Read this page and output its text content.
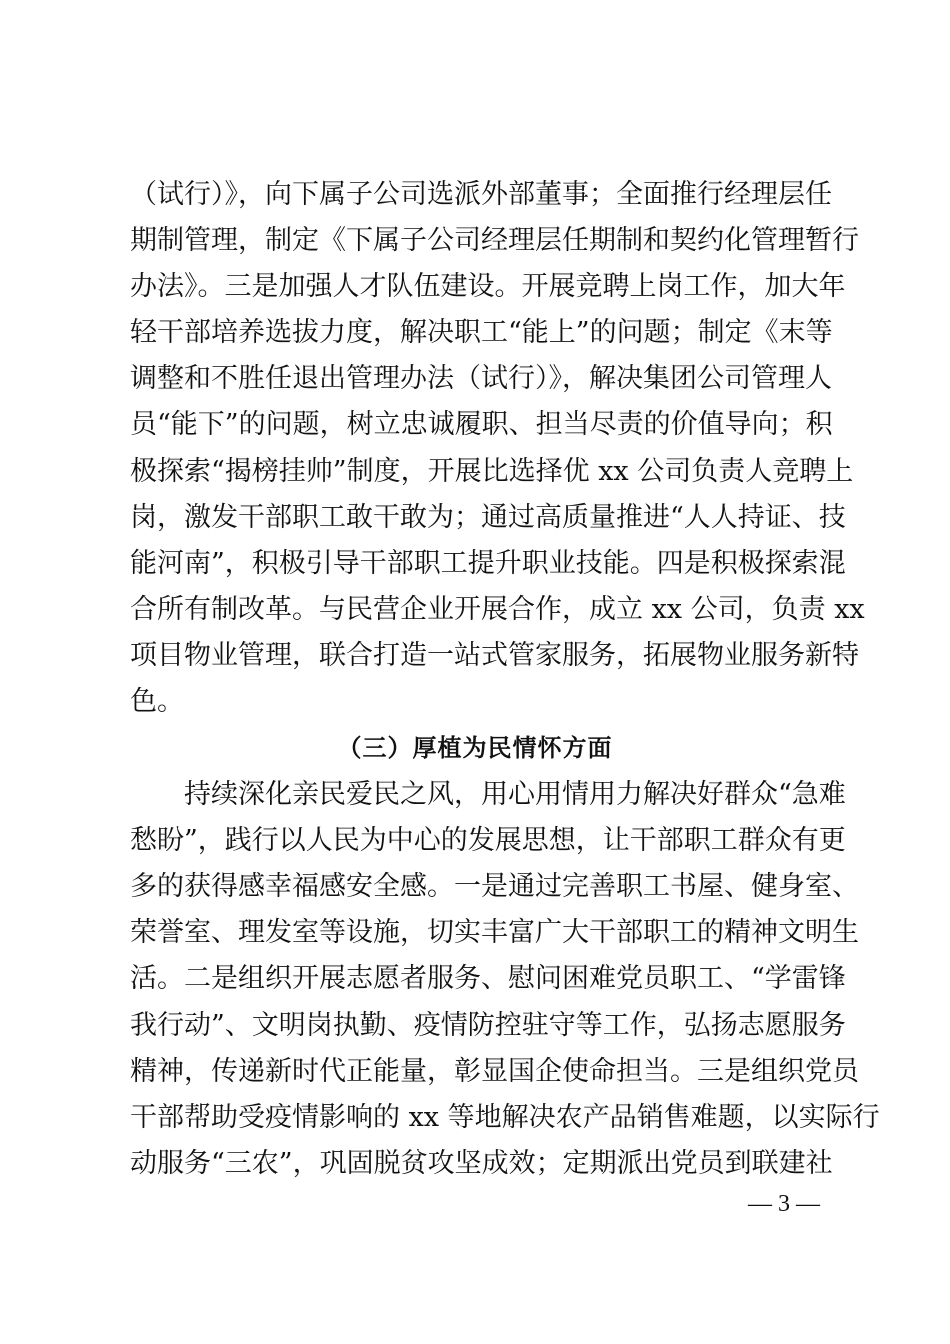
（试行）》，向下属子公司选派外部董事；全面推行经理层任
期制管理，制定《下属子公司经理层任期制和契约化管理暂行
办法》。三是加强人才队伍建设。开展竞聘上岗工作，加大年
轻干部培养选拔力度，解决职工“能上”的问题；制定《末等
调整和不胜任退出管理办法（试行）》，解决集团公司管理人
员“能下”的问题，树立忠诚履职、担当尽责的价值导向；积
极探索“揭榜挂帅”制度，开展比选择优 xx 公司负责人竞聘上
岗，激发干部职工敢干敢为；通过高质量推进“人人持证、技
能河南”，积极引导干部职工提升职业技能。四是积极探索混
合所有制改革。与民营企业开展合作，成立 xx 公司，负责 xx
项目物业管理，联合打造一站式管家服务，拓展物业服务新特
色。
（三）厚植为民情怀方面
持续深化亲民爱民之风，用心用情用力解决好群众“急难
愁盼”，践行以人民为中心的发展思想，让干部职工群众有更
多的获得感幸福感安全感。一是通过完善职工书屋、健身室、
荣誉室、理发室等设施，切实丰富广大干部职工的精神文明生
活。二是组织开展志愿者服务、慰问困难党员职工、“学雷锋
我行动”、文明岗执勤、疫情防控驻守等工作，弘扬志愿服务
精神，传递新时代正能量，彰显国企使命担当。三是组织党员
干部帮助受疫情影响的 xx 等地解决农产品销售难题，以实际行
动服务“三农”，巩固脱贫攻坚成效；定期派出党员到联建社
— 3 —
